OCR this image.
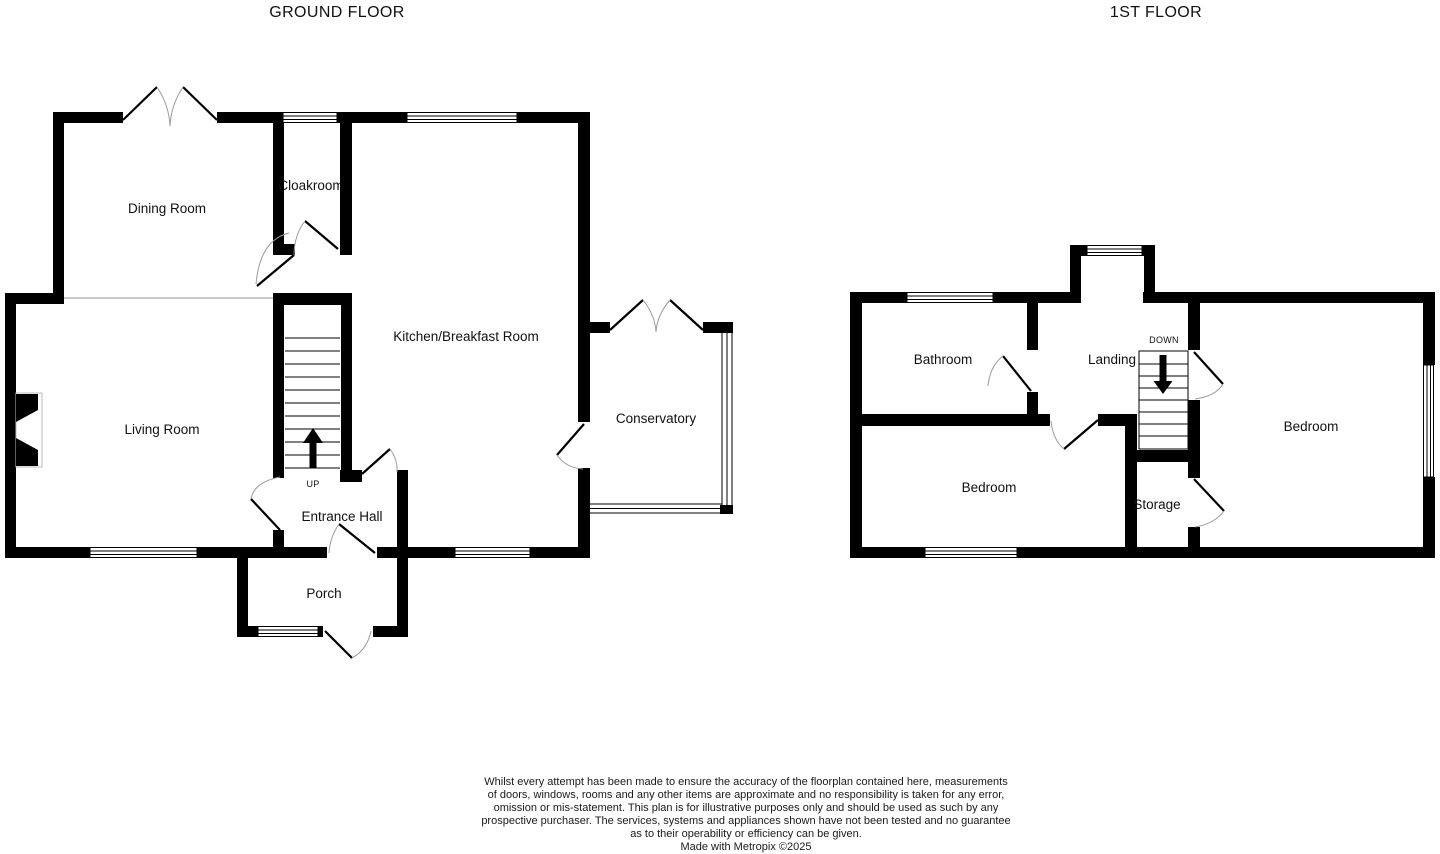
GROUND FLOOR	1ST FLOOR
Dining Room
Cloakroom
Kitchen/Breakfast Room
Conservatory
Living Room
Entrance Hall
Porch
UP
Bathroom	Landing
Bedroom
Bedroom
Storage
DOWN
Whilst every attempt has been made to ensure the accuracy of the floorplan contained here, measurements
of doors, windows, rooms and any other items are approximate and no responsibility is taken for any error,
omission or mis-statement. This plan is for illustrative purposes only and should be used as such by any
prospective purchaser. The services, systems and appliances shown have not been tested and no guarantee
as to their operability or efficiency can be given.
Made with Metropix ©2025
